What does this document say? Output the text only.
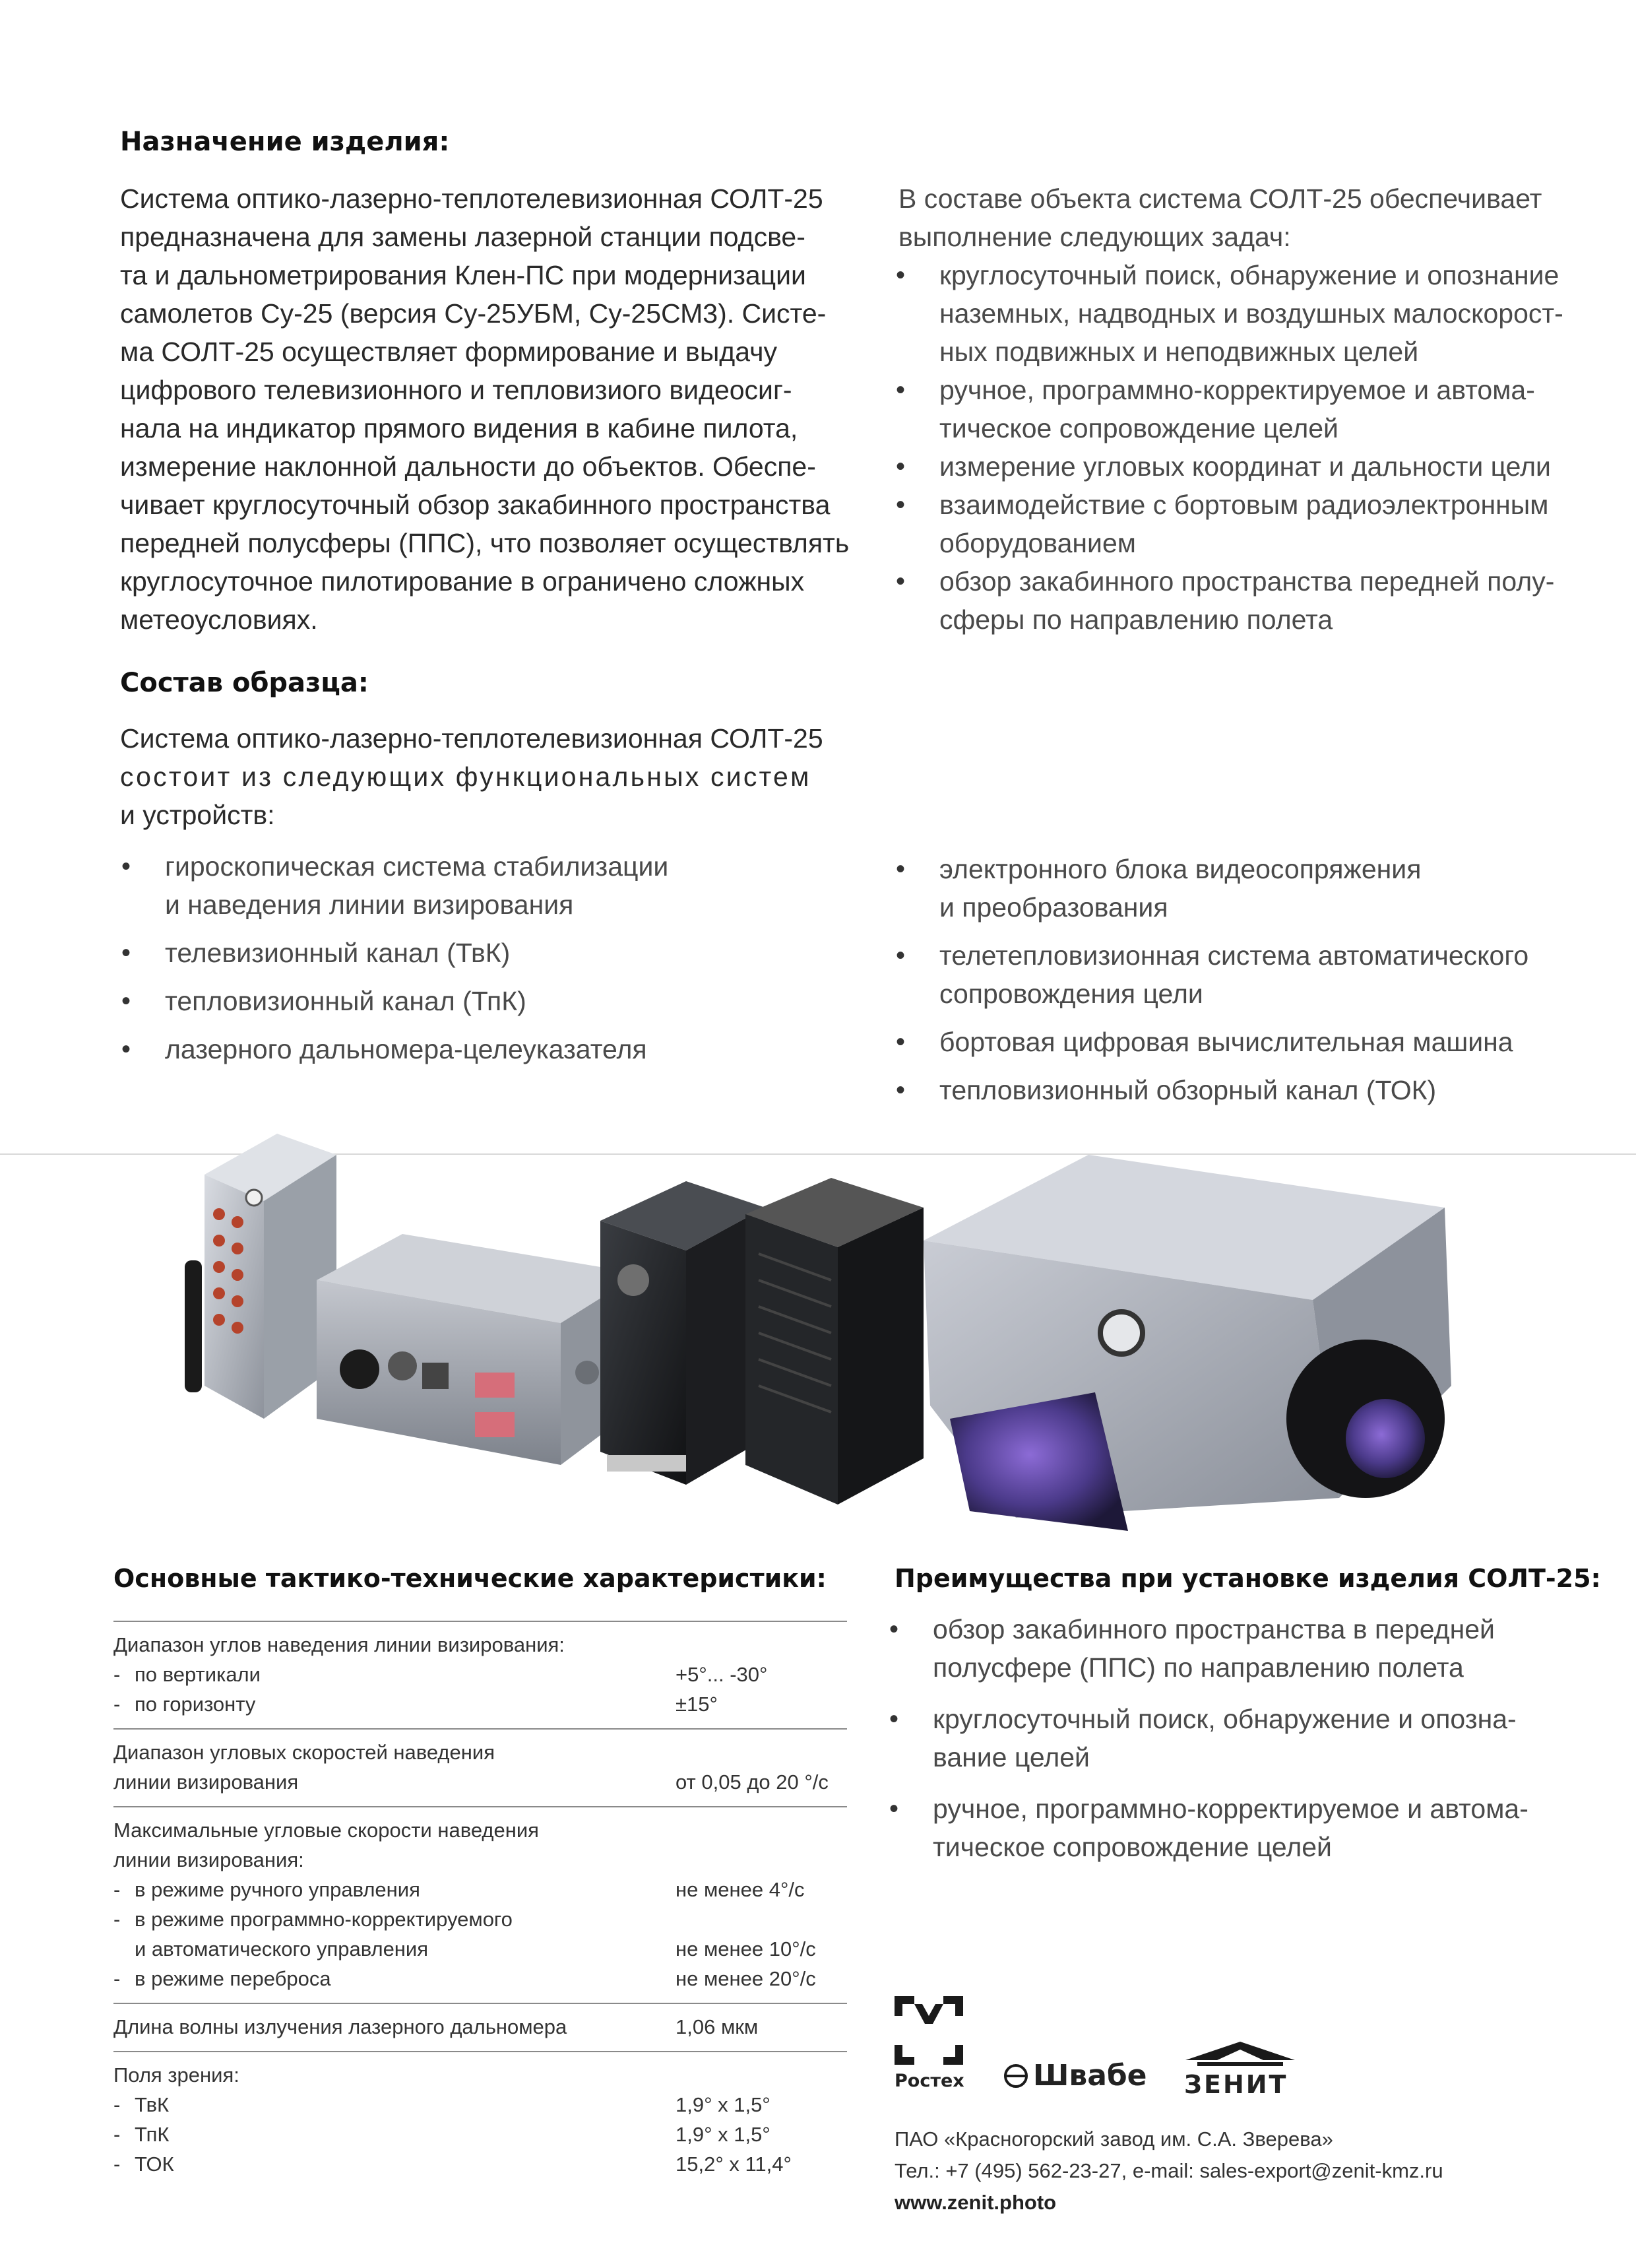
Назначение изделия:

Система оптико-лазерно-теплотелевизионная СОЛТ-25

предназначена для замены лазерной станции подсве-

та и дальнометрирования Клен-ПС при модернизации

самолетов Су-25 (версия Су-25УБМ, Су-25СМ3). Систе-

ма СОЛТ-25 осуществляет формирование и выдачу

цифрового телевизионного и тепловизиого видеосиг-

нала на индикатор прямого видения в кабине пилота,

измерение наклонной дальности до объектов. Обеспе-

чивает круглосуточный обзор закабинного пространства

передней полусферы (ППС), что позволяет осуществлять

круглосуточное пилотирование в ограничено сложных

метеоусловиях.

В составе объекта система СОЛТ-25 обеспечивает

выполнение следующих задач:

• круглосуточный поиск, обнаружение и опознание
наземных, надводных и воздушных малоскорост-
ных подвижных и неподвижных целей
• ручное, программно-корректируемое и автома-
тическое сопровождение целей
• измерение угловых координат и дальности цели
• взаимодействие с бортовым радиоэлектронным
оборудованием
• обзор закабинного пространства передней полу-
сферы по направлению полета
Состав образца:

Система оптико-лазерно-теплотелевизионная СОЛТ-25

состоит из следующих функциональных систем

и устройств:

• гироскопическая система стабилизации
и наведения линии визирования
• телевизионный канал (ТвК)
• тепловизионный канал (ТпК)
• лазерного дальномера-целеуказателя
• электронного блока видеосопряжения
и преобразования
• телетепловизионная система автоматического
сопровождения цели
• бортовая цифровая вычислительная машина
• тепловизионный обзорный канал (ТОК)
Основные тактико-технические характеристики:
Диапазон углов наведения линии визирования:
- по вертикали	+5°... -30°
- по горизонту	±15°
Диапазон угловых скоростей наведения
линии визирования	от 0,05 до 20 °/с
Максимальные угловые скорости наведения
линии визирования:
- в режиме ручного управления	не менее 4°/с
- в режиме программно-корректируемого
и автоматического управления	не менее 10°/с
- в режиме переброса	не менее 20°/с
Длина волны излучения лазерного дальномера	1,06 мкм
Поля зрения:
- ТвК	1,9° х 1,5°
- ТпК	1,9° х 1,5°
- ТОК	15,2° х 11,4°
Преимущества при установке изделия СОЛТ-25:
• обзор закабинного пространства в передней
полусфере (ППС) по направлению полета
• круглосуточный поиск, обнаружение и опозна-
вание целей
• ручное, программно-корректируемое и автома-
тическое сопровождение целей
Ростех Швабе ЗЕНИТ
ПАО «Красногорский завод им. С.А. Зверева»
Тел.: +7 (495) 562-23-27, e-mail: sales-export@zenit-kmz.ru
www.zenit.photo
